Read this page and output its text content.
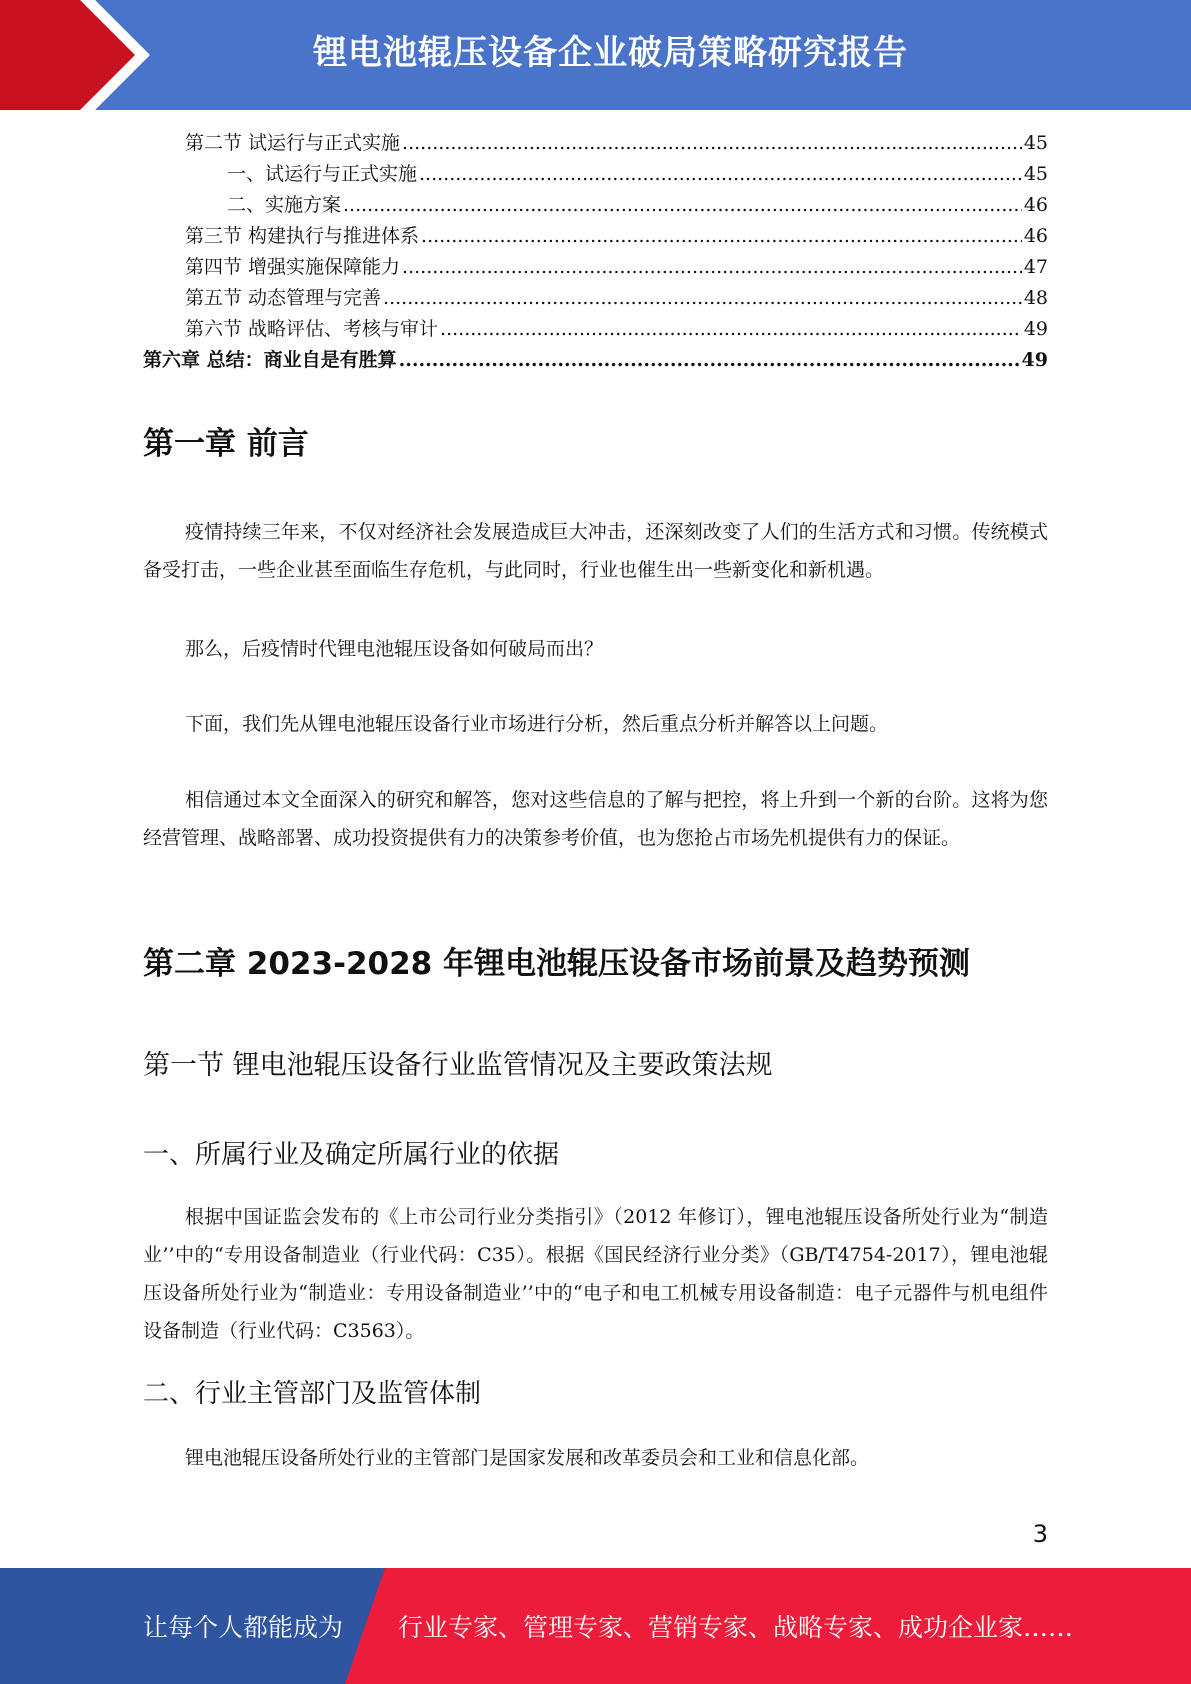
锂电池辊压设备企业破局策略研究报告
第二节 试运行与正式实施 .....	45
一、试运行与正式实施 .....	45
二、实施方案 .....	46
第三节 构建执行与推进体系 .....	46
第四节 增强实施保障能力 .....	47
第五节 动态管理与完善 .....	48
第六节 战略评估、考核与审计 .....	49
第六章 总结：商业自是有胜算 .....	49
第一章 前言

疫情持续三年来，不仅对经济社会发展造成巨大冲击，还深刻改变了人们的生活方式和习惯。传统模式备受打击，一些企业甚至面临生存危机，与此同时，行业也催生出一些新变化和新机遇。

那么，后疫情时代锂电池辊压设备如何破局而出？

下面，我们先从锂电池辊压设备行业市场进行分析，然后重点分析并解答以上问题。

相信通过本文全面深入的研究和解答，您对这些信息的了解与把控，将上升到一个新的台阶。这将为您经营管理、战略部署、成功投资提供有力的决策参考价值，也为您抢占市场先机提供有力的保证。

第二章 2023-2028 年锂电池辊压设备市场前景及趋势预测
第一节 锂电池辊压设备行业监管情况及主要政策法规
一、所属行业及确定所属行业的依据

根据中国证监会发布的《上市公司行业分类指引》（2012 年修订），锂电池辊压设备所处行业为“制造业’’中的“专用设备制造业（行业代码：C35）。根据《国民经济行业分类》（GB/T4754-2017），锂电池辊压设备所处行业为“制造业：专用设备制造业’’中的“电子和电工机械专用设备制造：电子元器件与机电组件设备制造（行业代码：C3563）。

二、行业主管部门及监管体制

锂电池辊压设备所处行业的主管部门是国家发展和改革委员会和工业和信息化部。

3
让每个人都能成为 行业专家、管理专家、营销专家、战略专家、成功企业家……
